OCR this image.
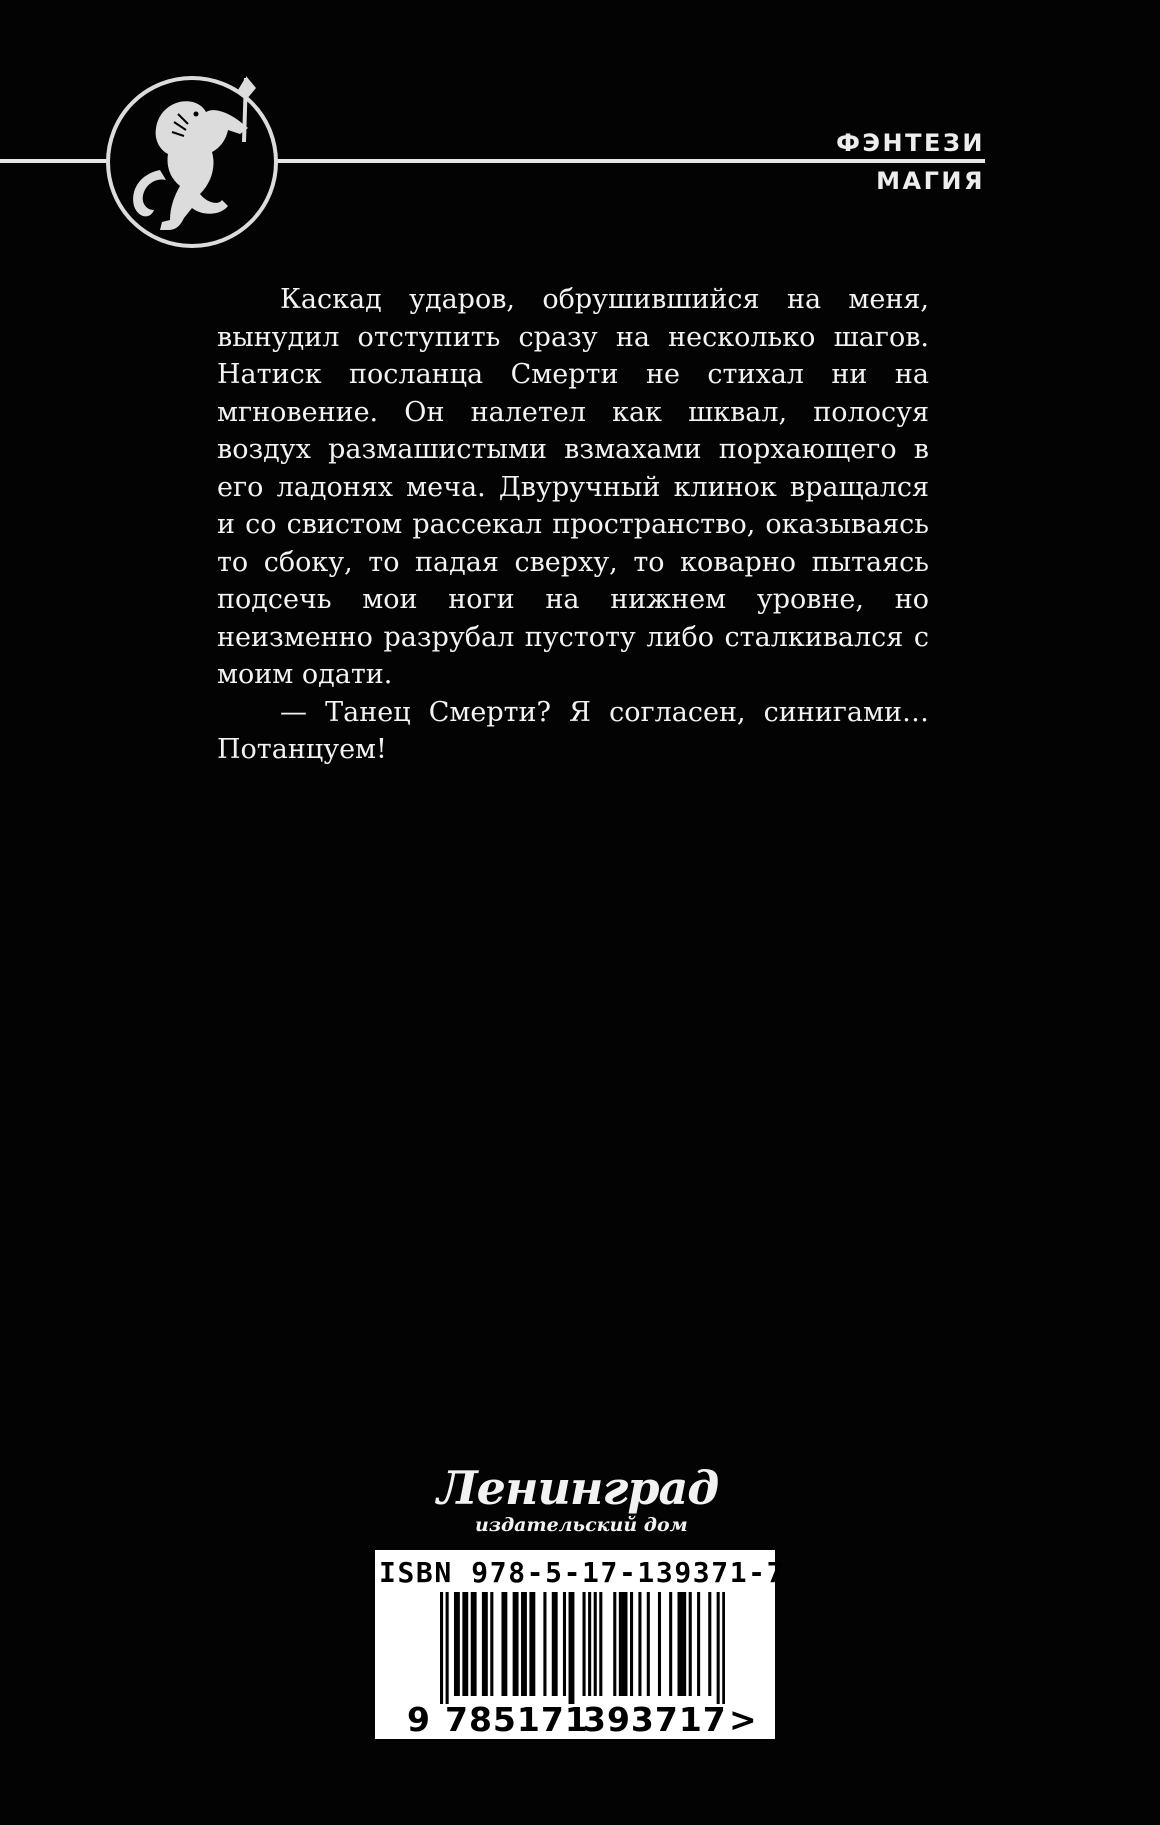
ФЭНТЕЗИ
МАГИЯ

Каскад ударов, обрушившийся на меня, вынудил отступить сразу на несколько шагов. Натиск посланца Смерти не стихал ни на мгновение. Он налетел как шквал, полосуя воздух размашистыми взмахами порхающего в его ладонях меча. Двуручный клинок вращался и со свистом рассекал пространство, оказываясь то сбоку, то падая сверху, то коварно пытаясь подсечь мои ноги на нижнем уровне, но неизменно разрубал пустоту либо сталкивался с моим одати.

— Танец Смерти? Я согласен, синигами… Потанцуем!

Ленинград
издательский дом
ISBN 978-5-17-139371-7
9 785171
393717 >
